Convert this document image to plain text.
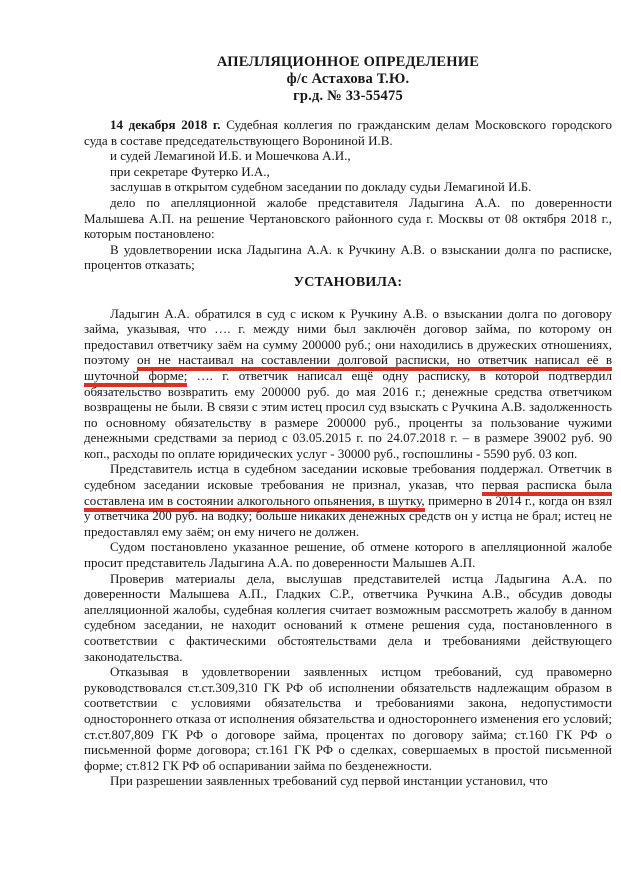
АПЕЛЛЯЦИОННОЕ ОПРЕДЕЛЕНИЕ
ф/с Астахова Т.Ю.
гр.д. № 33-55475

14 декабря 2018 г. Судебная коллегия по гражданским делам Московского городского суда в составе председательствующего Ворониной И.В.

и судей Лемагиной И.Б. и Мошечкова А.И.,

при секретаре Футерко И.А.,

заслушав в открытом судебном заседании по докладу судьи Лемагиной И.Б.

дело по апелляционной жалобе представителя Ладыгина А.А. по доверенности Малышева А.П. на решение Чертановского районного суда г. Москвы от 08 октября 2018 г., которым постановлено:

В удовлетворении иска Ладыгина А.А. к Ручкину А.В. о взыскании долга по расписке, процентов отказать;

УСТАНОВИЛА:

Ладыгин А.А. обратился в суд с иском к Ручкину А.В. о взыскании долга по договору займа, указывая, что …. г. между ними был заключён договор займа, по которому он предоставил ответчику заём на сумму 200000 руб.; они находились в дружеских отношениях, поэтому он не настаивал на составлении долговой расписки, но ответчик написал её в шуточной форме; …. г. ответчик написал ещё одну расписку, в которой подтвердил обязательство возвратить ему 200000 руб. до мая 2016 г.; денежные средства ответчиком возвращены не были. В связи с этим истец просил суд взыскать с Ручкина А.В. задолженность по основному обязательству в размере 200000 руб., проценты за пользование чужими денежными средствами за период с 03.05.2015 г. по 24.07.2018 г. – в размере 39002 руб. 90 коп., расходы по оплате юридических услуг - 30000 руб., госпошлины - 5590 руб. 03 коп.

Представитель истца в судебном заседании исковые требования поддержал. Ответчик в судебном заседании исковые требования не признал, указав, что первая расписка была составлена им в состоянии алкогольного опьянения, в шутку, примерно в 2014 г., когда он взял у ответчика 200 руб. на водку; больше никаких денежных средств он у истца не брал; истец не предоставлял ему заём; он ему ничего не должен.

Судом постановлено указанное решение, об отмене которого в апелляционной жалобе просит представитель Ладыгина А.А. по доверенности Малышев А.П.

Проверив материалы дела, выслушав представителей истца Ладыгина А.А. по доверенности Малышева А.П., Гладких С.Р., ответчика Ручкина А.В., обсудив доводы апелляционной жалобы, судебная коллегия считает возможным рассмотреть жалобу в данном судебном заседании, не находит оснований к отмене решения суда, постановленного в соответствии с фактическими обстоятельствами дела и требованиями действующего законодательства.

Отказывая в удовлетворении заявленных истцом требований, суд правомерно руководствовался ст.ст.309,310 ГК РФ об исполнении обязательств надлежащим образом в соответствии с условиями обязательства и требованиями закона, недопустимости одностороннего отказа от исполнения обязательства и одностороннего изменения его условий; ст.ст.807,809 ГК РФ о договоре займа, процентах по договору займа; ст.160 ГК РФ о письменной форме договора; ст.161 ГК РФ о сделках, совершаемых в простой письменной форме; ст.812 ГК РФ об оспаривании займа по безденежности.

При разрешении заявленных требований суд первой инстанции установил, что
